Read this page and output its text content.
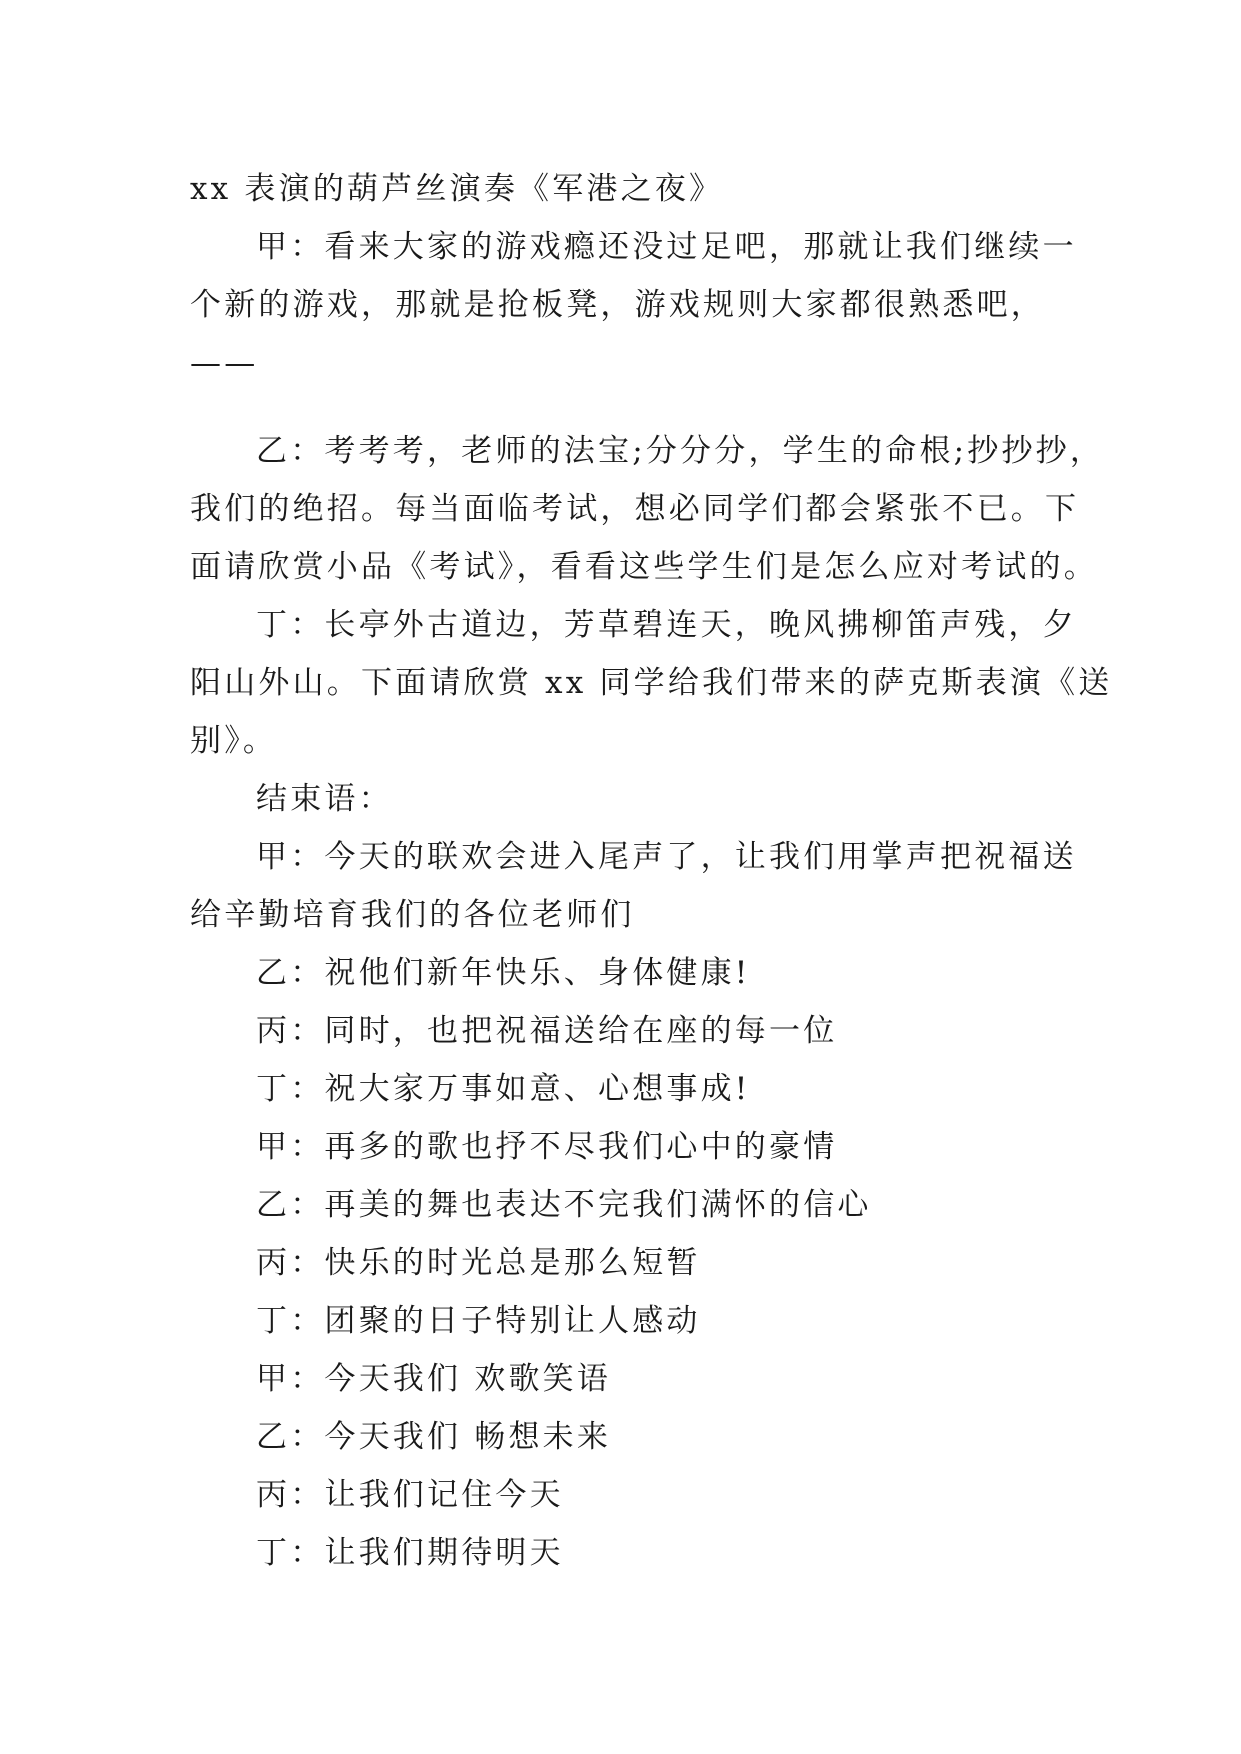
xx 表演的葫芦丝演奏《军港之夜》

甲：看来大家的游戏瘾还没过足吧，那就让我们继续一

个新的游戏，那就是抢板凳，游戏规则大家都很熟悉吧，

——

乙：考考考，老师的法宝;分分分，学生的命根;抄抄抄，

我们的绝招。每当面临考试，想必同学们都会紧张不已。下

面请欣赏小品《考试》，看看这些学生们是怎么应对考试的。

丁：长亭外古道边，芳草碧连天，晚风拂柳笛声残，夕

阳山外山。下面请欣赏 xx 同学给我们带来的萨克斯表演《送

别》。

结束语：

甲：今天的联欢会进入尾声了，让我们用掌声把祝福送

给辛勤培育我们的各位老师们

乙：祝他们新年快乐、身体健康!

丙：同时，也把祝福送给在座的每一位

丁：祝大家万事如意、心想事成!

甲：再多的歌也抒不尽我们心中的豪情

乙：再美的舞也表达不完我们满怀的信心

丙：快乐的时光总是那么短暂

丁：团聚的日子特别让人感动

甲：今天我们 欢歌笑语

乙：今天我们 畅想未来

丙：让我们记住今天

丁：让我们期待明天
